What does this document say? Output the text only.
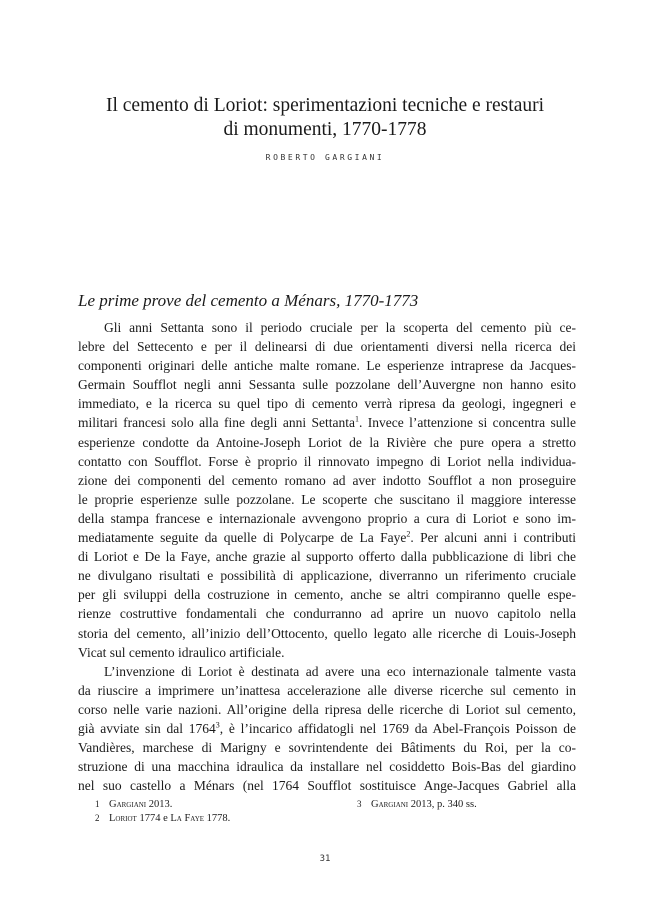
Il cemento di Loriot: sperimentazioni tecniche e restauri
di monumenti, 1770-1778
ROBERTO GARGIANI
Le prime prove del cemento a Ménars, 1770-1773
Gli anni Settanta sono il periodo cruciale per la scoperta del cemento più ce-
lebre del Settecento e per il delinearsi di due orientamenti diversi nella ricerca dei
componenti originari delle antiche malte romane. Le esperienze intraprese da Jacques-
Germain Soufflot negli anni Sessanta sulle pozzolane dell’Auvergne non hanno esito
immediato, e la ricerca su quel tipo di cemento verrà ripresa da geologi, ingegneri e
militari francesi solo alla fine degli anni Settanta$^1$. Invece l’attenzione si concentra sulle
esperienze condotte da Antoine-Joseph Loriot de la Rivière che pure opera a stretto
contatto con Soufflot. Forse è proprio il rinnovato impegno di Loriot nella individua-
zione dei componenti del cemento romano ad aver indotto Soufflot a non proseguire
le proprie esperienze sulle pozzolane. Le scoperte che suscitano il maggiore interesse
della stampa francese e internazionale avvengono proprio a cura di Loriot e sono im-
mediatamente seguite da quelle di Polycarpe de La Faye$^2$. Per alcuni anni i contributi
di Loriot e De la Faye, anche grazie al supporto offerto dalla pubblicazione di libri che
ne divulgano risultati e possibilità di applicazione, diverranno un riferimento cruciale
per gli sviluppi della costruzione in cemento, anche se altri compiranno quelle espe-
rienze costruttive fondamentali che condurranno ad aprire un nuovo capitolo nella
storia del cemento, all’inizio dell’Ottocento, quello legato alle ricerche di Louis-Joseph
Vicat sul cemento idraulico artificiale.
L’invenzione di Loriot è destinata ad avere una eco internazionale talmente vasta
da riuscire a imprimere un’inattesa accelerazione alle diverse ricerche sul cemento in
corso nelle varie nazioni. All’origine della ripresa delle ricerche di Loriot sul cemento,
già avviate sin dal 1764$^3$, è l’incarico affidatogli nel 1769 da Abel-François Poisson de
Vandières, marchese di Marigny e sovrintendente dei Bâtiments du Roi, per la co-
struzione di una macchina idraulica da installare nel cosiddetto Bois-Bas del giardino
nel suo castello a Ménars (nel 1764 Soufflot sostituisce Ange-Jacques Gabriel alla
1 Gargiani 2013.
2 Loriot 1774 e La Faye 1778.
3 Gargiani 2013, p. 340 ss.
31
